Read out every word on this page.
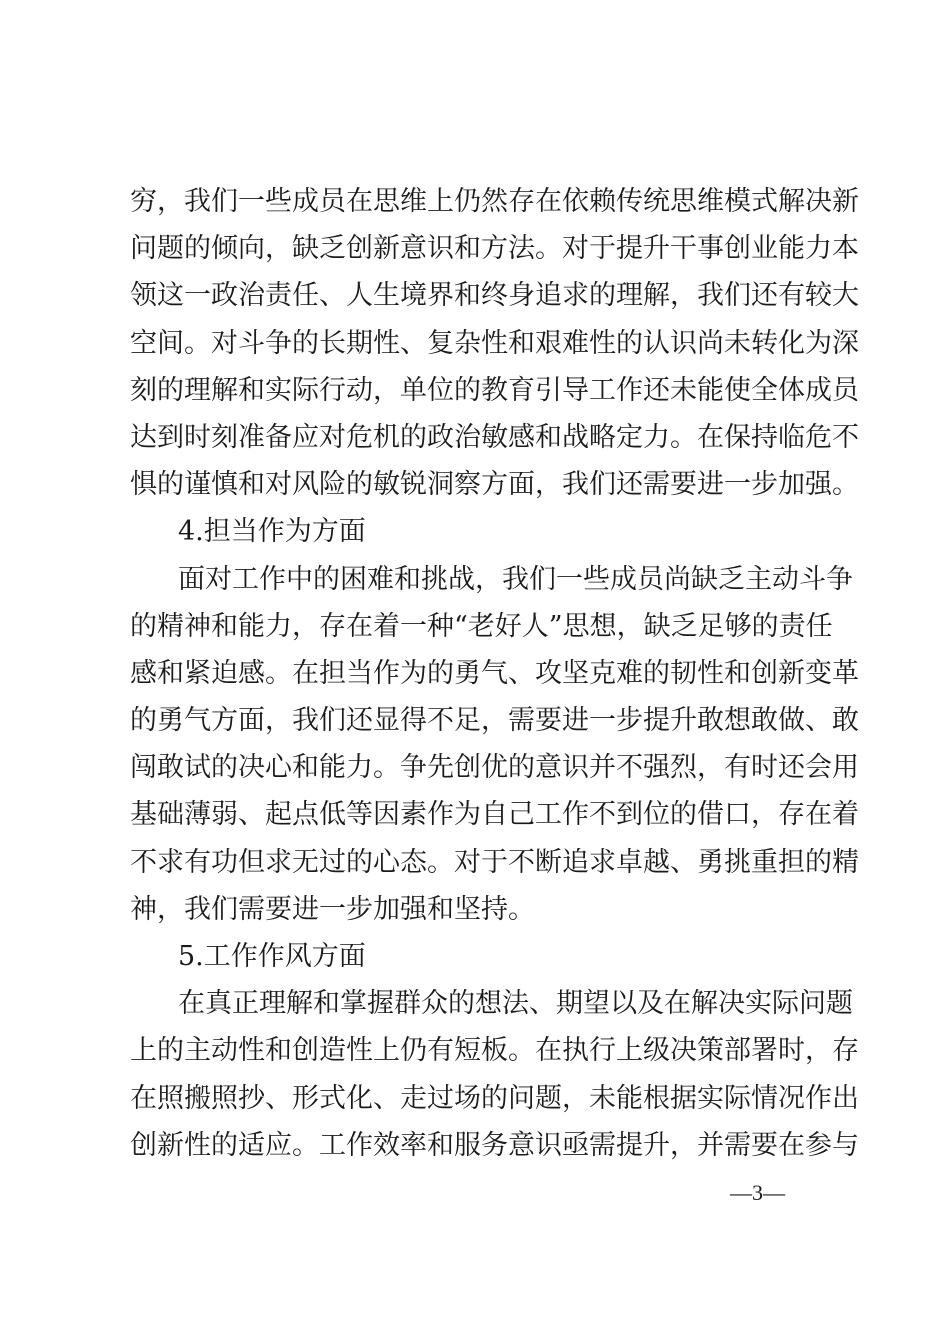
穷，我们一些成员在思维上仍然存在依赖传统思维模式解决新
问题的倾向，缺乏创新意识和方法。对于提升干事创业能力本
领这一政治责任、人生境界和终身追求的理解，我们还有较大
空间。对斗争的长期性、复杂性和艰难性的认识尚未转化为深
刻的理解和实际行动，单位的教育引导工作还未能使全体成员
达到时刻准备应对危机的政治敏感和战略定力。在保持临危不
惧的谨慎和对风险的敏锐洞察方面，我们还需要进一步加强。
4.担当作为方面
面对工作中的困难和挑战，我们一些成员尚缺乏主动斗争
的精神和能力，存在着一种“老好人”思想，缺乏足够的责任
感和紧迫感。在担当作为的勇气、攻坚克难的韧性和创新变革
的勇气方面，我们还显得不足，需要进一步提升敢想敢做、敢
闯敢试的决心和能力。争先创优的意识并不强烈，有时还会用
基础薄弱、起点低等因素作为自己工作不到位的借口，存在着
不求有功但求无过的心态。对于不断追求卓越、勇挑重担的精
神，我们需要进一步加强和坚持。
5.工作作风方面
在真正理解和掌握群众的想法、期望以及在解决实际问题
上的主动性和创造性上仍有短板。在执行上级决策部署时，存
在照搬照抄、形式化、走过场的问题，未能根据实际情况作出
创新性的适应。工作效率和服务意识亟需提升，并需要在参与
—3—
